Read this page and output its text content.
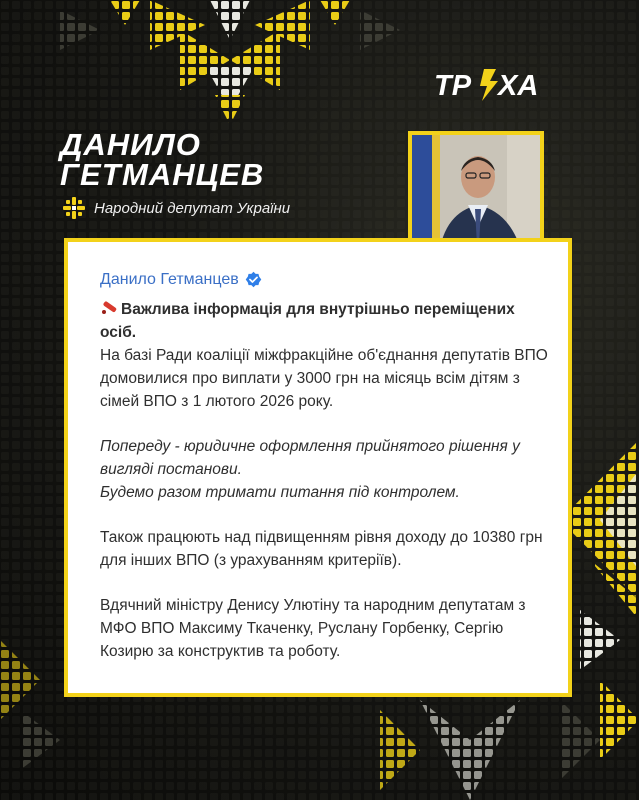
ТР ХА
ДАНИЛО
ГЕТМАНЦЕВ
Народний депутат України
Данило Гетманцев

Важлива інформація для внутрішньо переміщених осіб.

На базі Ради коаліції міжфракційне об'єднання депутатів ВПО домовилися про виплати у 3000 грн на місяць всім дітям з сімей ВПО з 1 лютого 2026 року.

Попереду - юридичне оформлення прийнятого рішення у вигляді постанови.

Будемо разом тримати питання під контролем.

Також працюють над підвищенням рівня доходу до 10380 грн для інших ВПО (з урахуванням критеріїв).

Вдячний міністру Денису Улютіну та народним депутатам з МФО ВПО Максиму Ткаченку, Руслану Горбенку, Сергію Козирю за конструктив та роботу.
